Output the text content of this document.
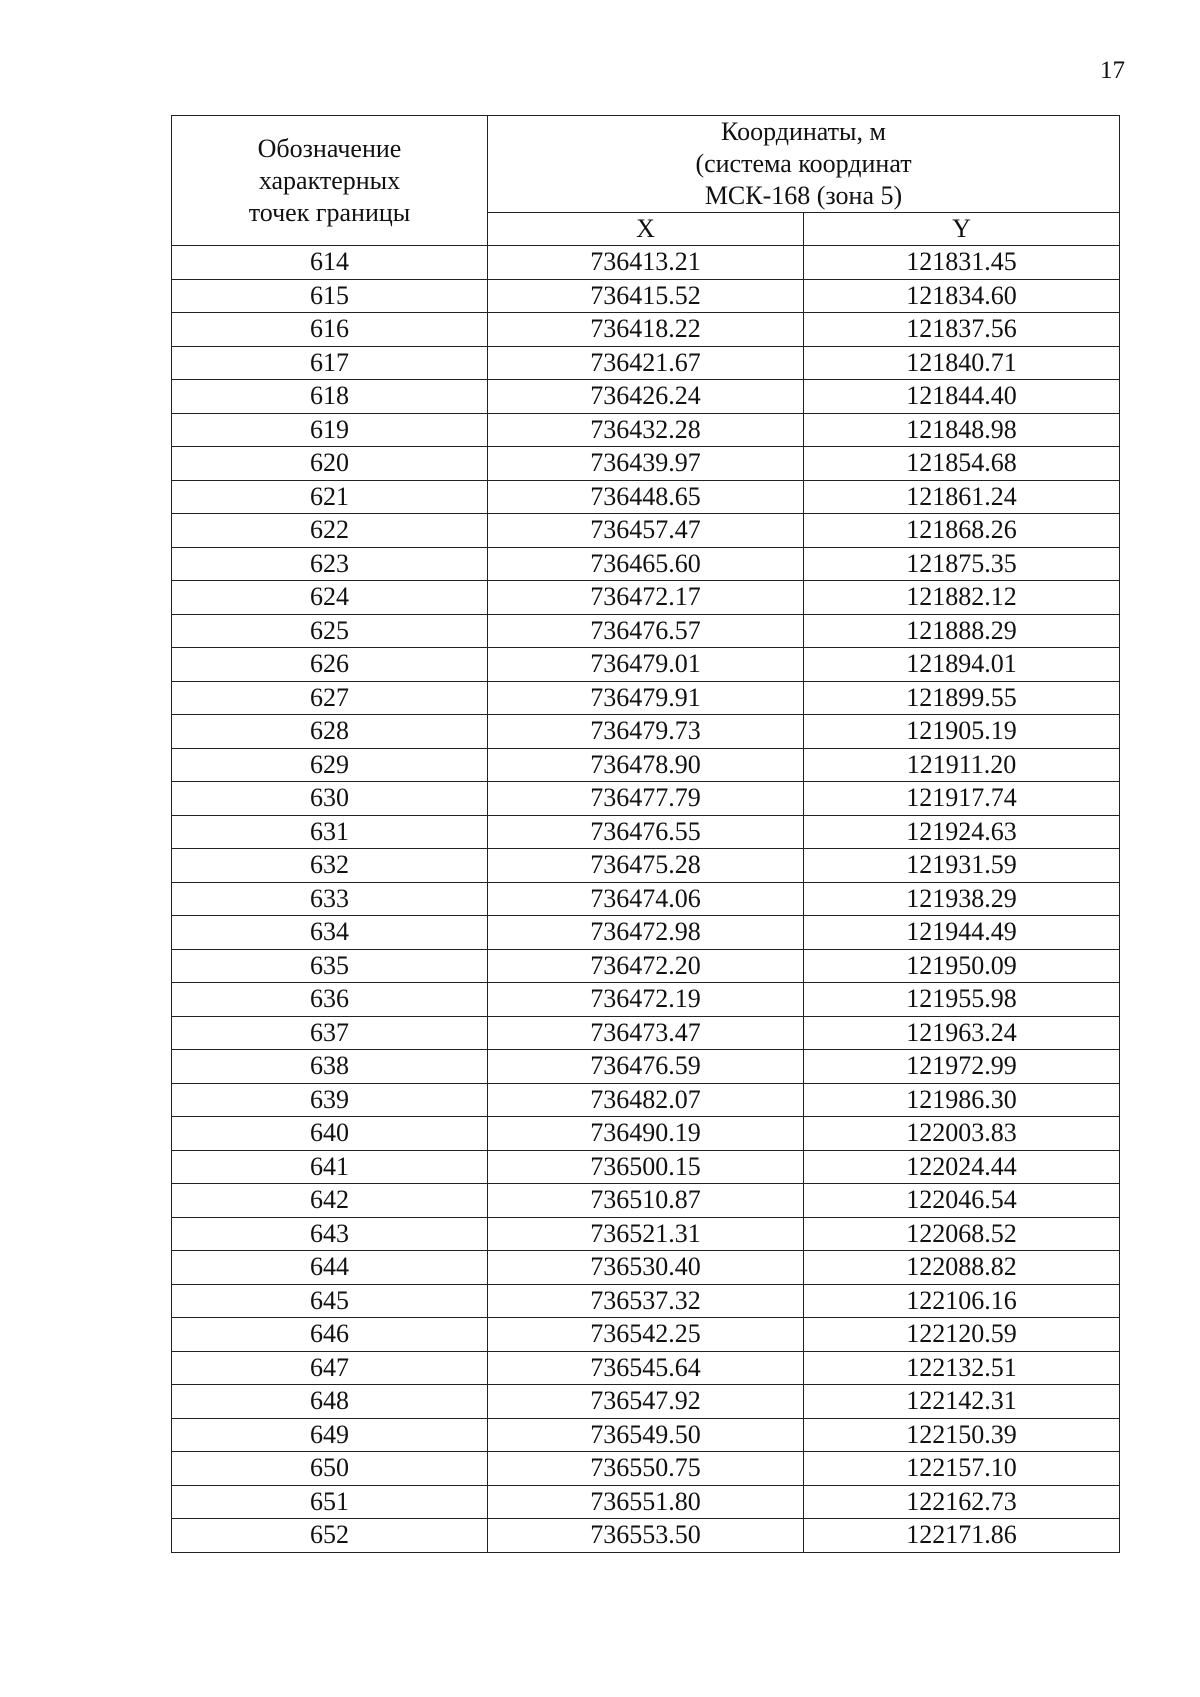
17
Обозначение
характерных
точек границы	Координаты, м
(система координат
МСК-168 (зона 5)	
	X	Y
614	736413.21	121831.45
615	736415.52	121834.60
616	736418.22	121837.56
617	736421.67	121840.71
618	736426.24	121844.40
619	736432.28	121848.98
620	736439.97	121854.68
621	736448.65	121861.24
622	736457.47	121868.26
623	736465.60	121875.35
624	736472.17	121882.12
625	736476.57	121888.29
626	736479.01	121894.01
627	736479.91	121899.55
628	736479.73	121905.19
629	736478.90	121911.20
630	736477.79	121917.74
631	736476.55	121924.63
632	736475.28	121931.59
633	736474.06	121938.29
634	736472.98	121944.49
635	736472.20	121950.09
636	736472.19	121955.98
637	736473.47	121963.24
638	736476.59	121972.99
639	736482.07	121986.30
640	736490.19	122003.83
641	736500.15	122024.44
642	736510.87	122046.54
643	736521.31	122068.52
644	736530.40	122088.82
645	736537.32	122106.16
646	736542.25	122120.59
647	736545.64	122132.51
648	736547.92	122142.31
649	736549.50	122150.39
650	736550.75	122157.10
651	736551.80	122162.73
652	736553.50	122171.86
